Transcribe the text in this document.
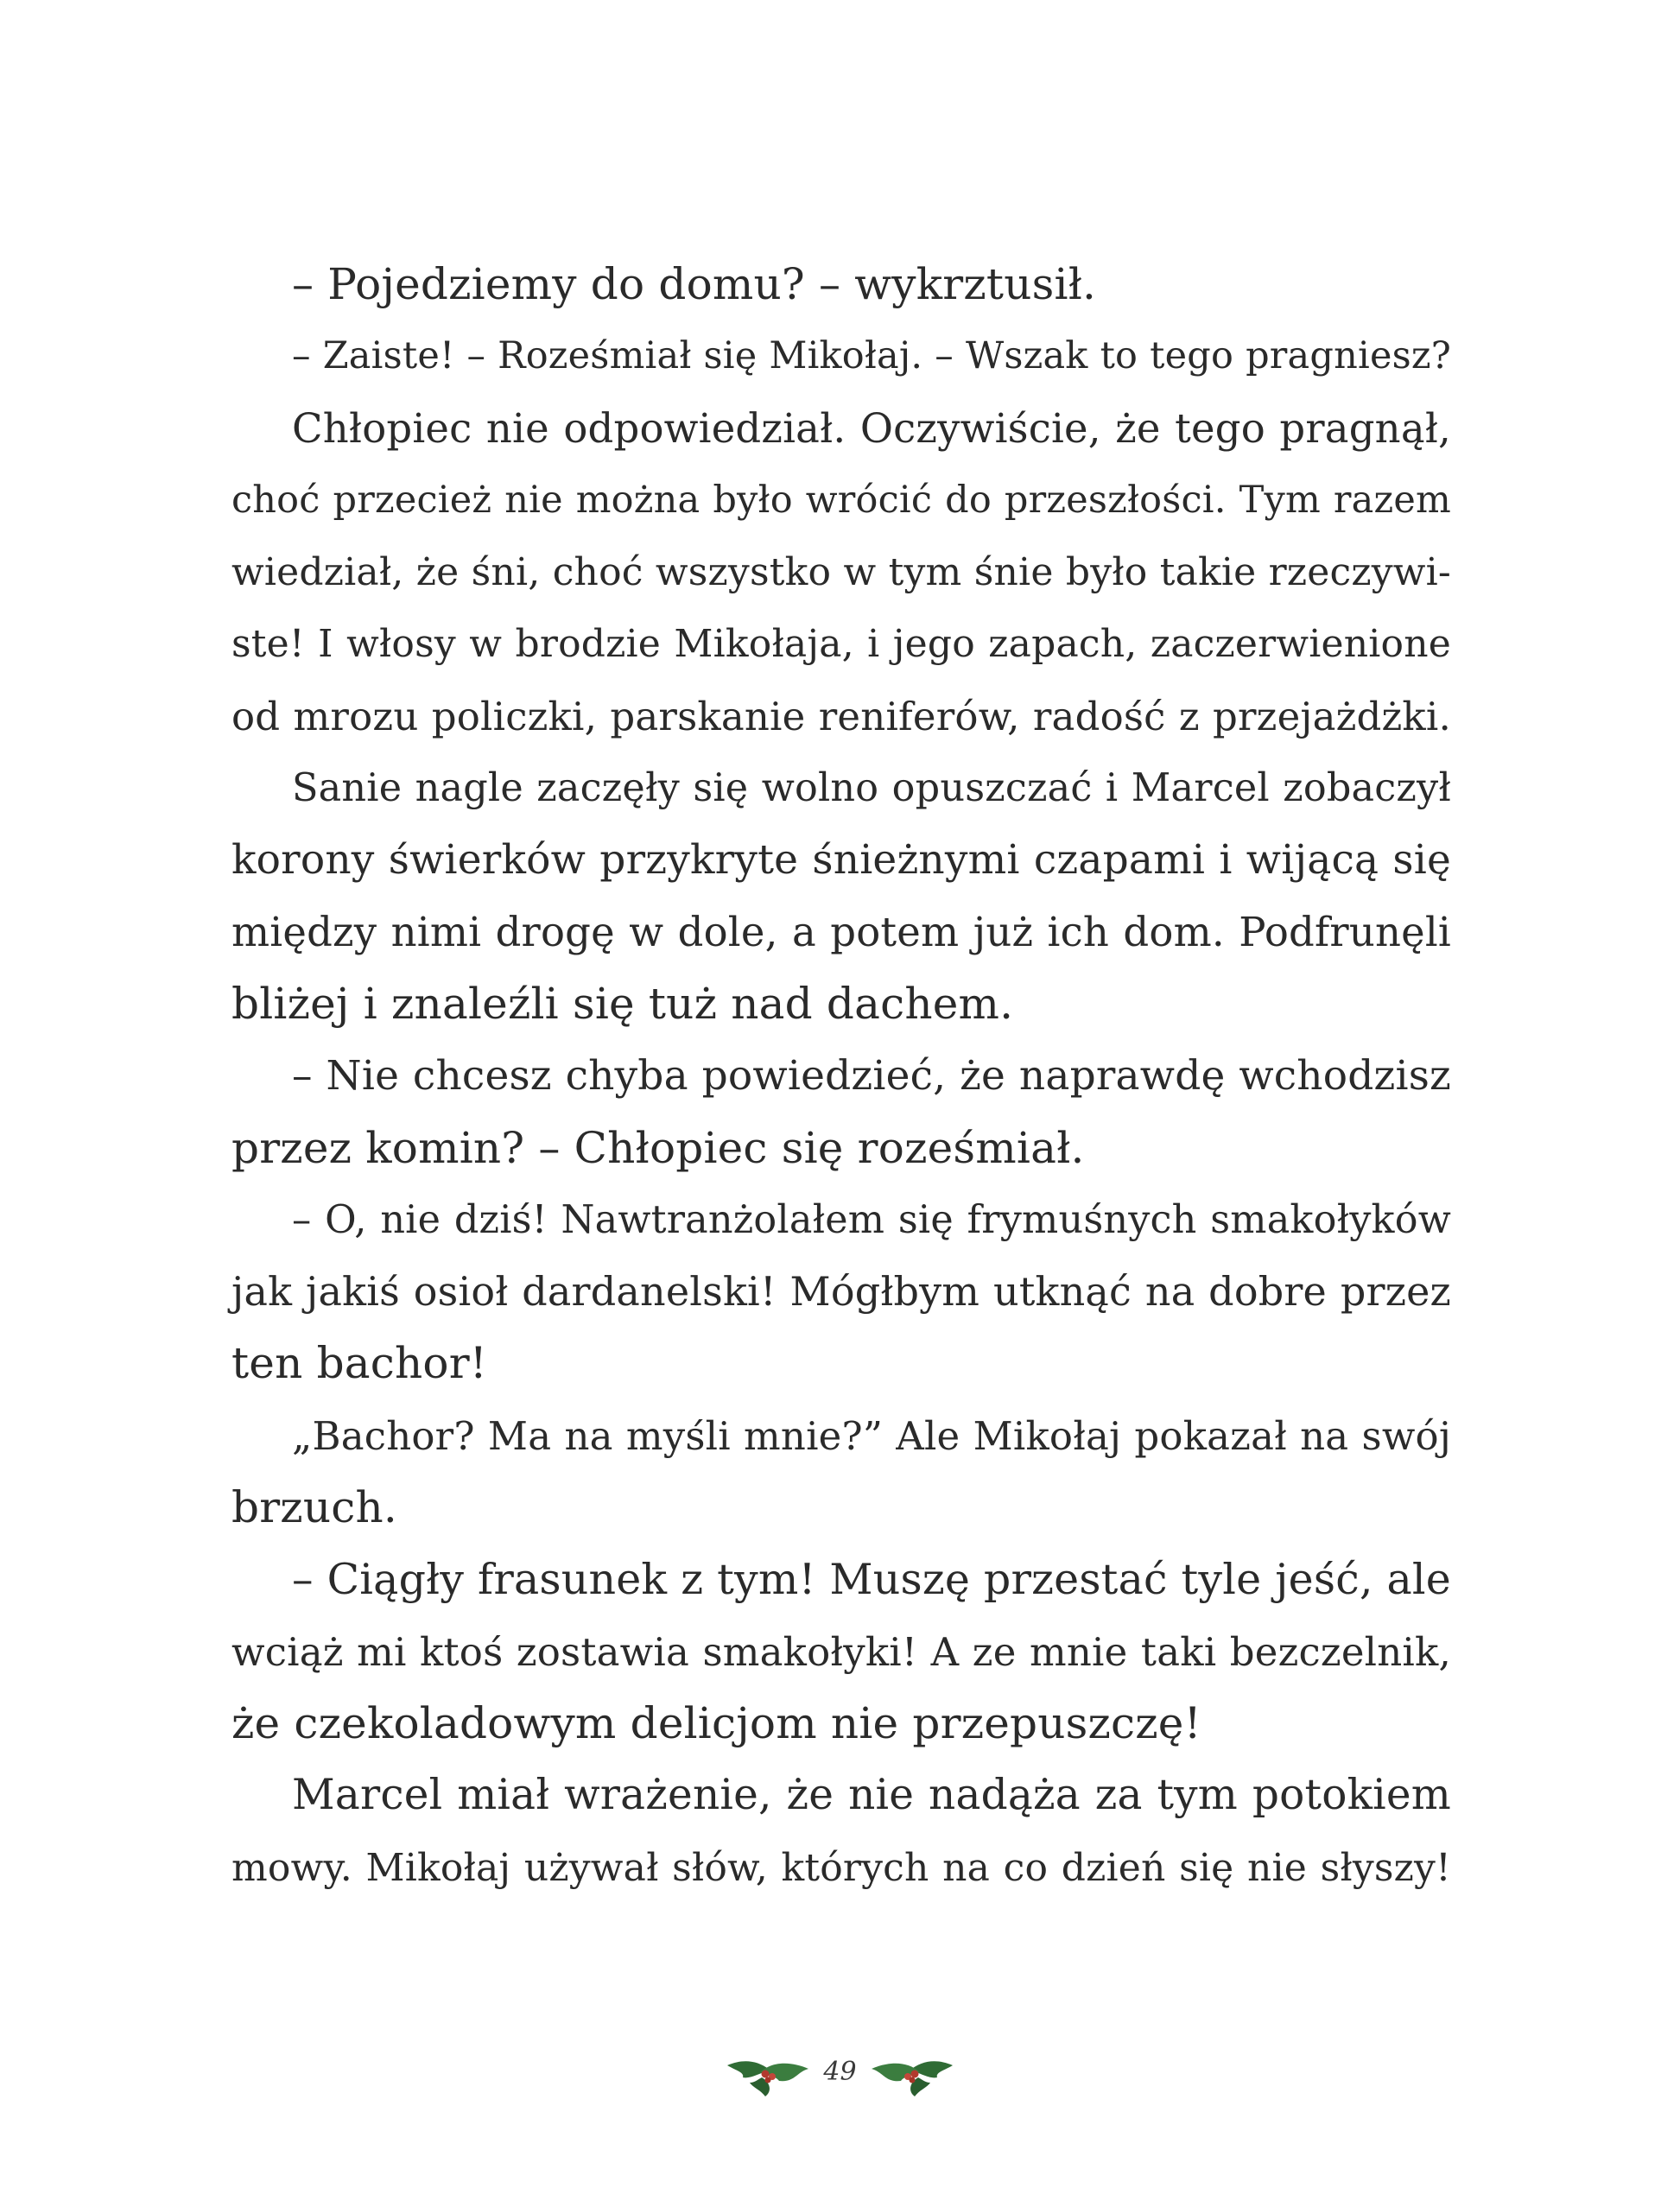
– Pojedziemy do domu? – wykrztusił.
– Zaiste! – Roześmiał się Mikołaj. – Wszak to tego pragniesz?
Chłopiec nie odpowiedział. Oczywiście, że tego pragnął,
choć przecież nie można było wrócić do przeszłości. Tym razem
wiedział, że śni, choć wszystko w tym śnie było takie rzeczywi-
ste! I włosy w brodzie Mikołaja, i jego zapach, zaczerwienione
od mrozu policzki, parskanie reniferów, radość z przejażdżki.
Sanie nagle zaczęły się wolno opuszczać i Marcel zobaczył
korony świerków przykryte śnieżnymi czapami i wijącą się
między nimi drogę w dole, a potem już ich dom. Podfrunęli
bliżej i znaleźli się tuż nad dachem.
– Nie chcesz chyba powiedzieć, że naprawdę wchodzisz
przez komin? – Chłopiec się roześmiał.
– O, nie dziś! Nawtranżolałem się frymuśnych smakołyków
jak jakiś osioł dardanelski! Mógłbym utknąć na dobre przez
ten bachor!
„Bachor? Ma na myśli mnie?” Ale Mikołaj pokazał na swój
brzuch.
– Ciągły frasunek z tym! Muszę przestać tyle jeść, ale
wciąż mi ktoś zostawia smakołyki! A ze mnie taki bezczelnik,
że czekoladowym delicjom nie przepuszczę!
Marcel miał wrażenie, że nie nadąża za tym potokiem
mowy. Mikołaj używał słów, których na co dzień się nie słyszy!
49
